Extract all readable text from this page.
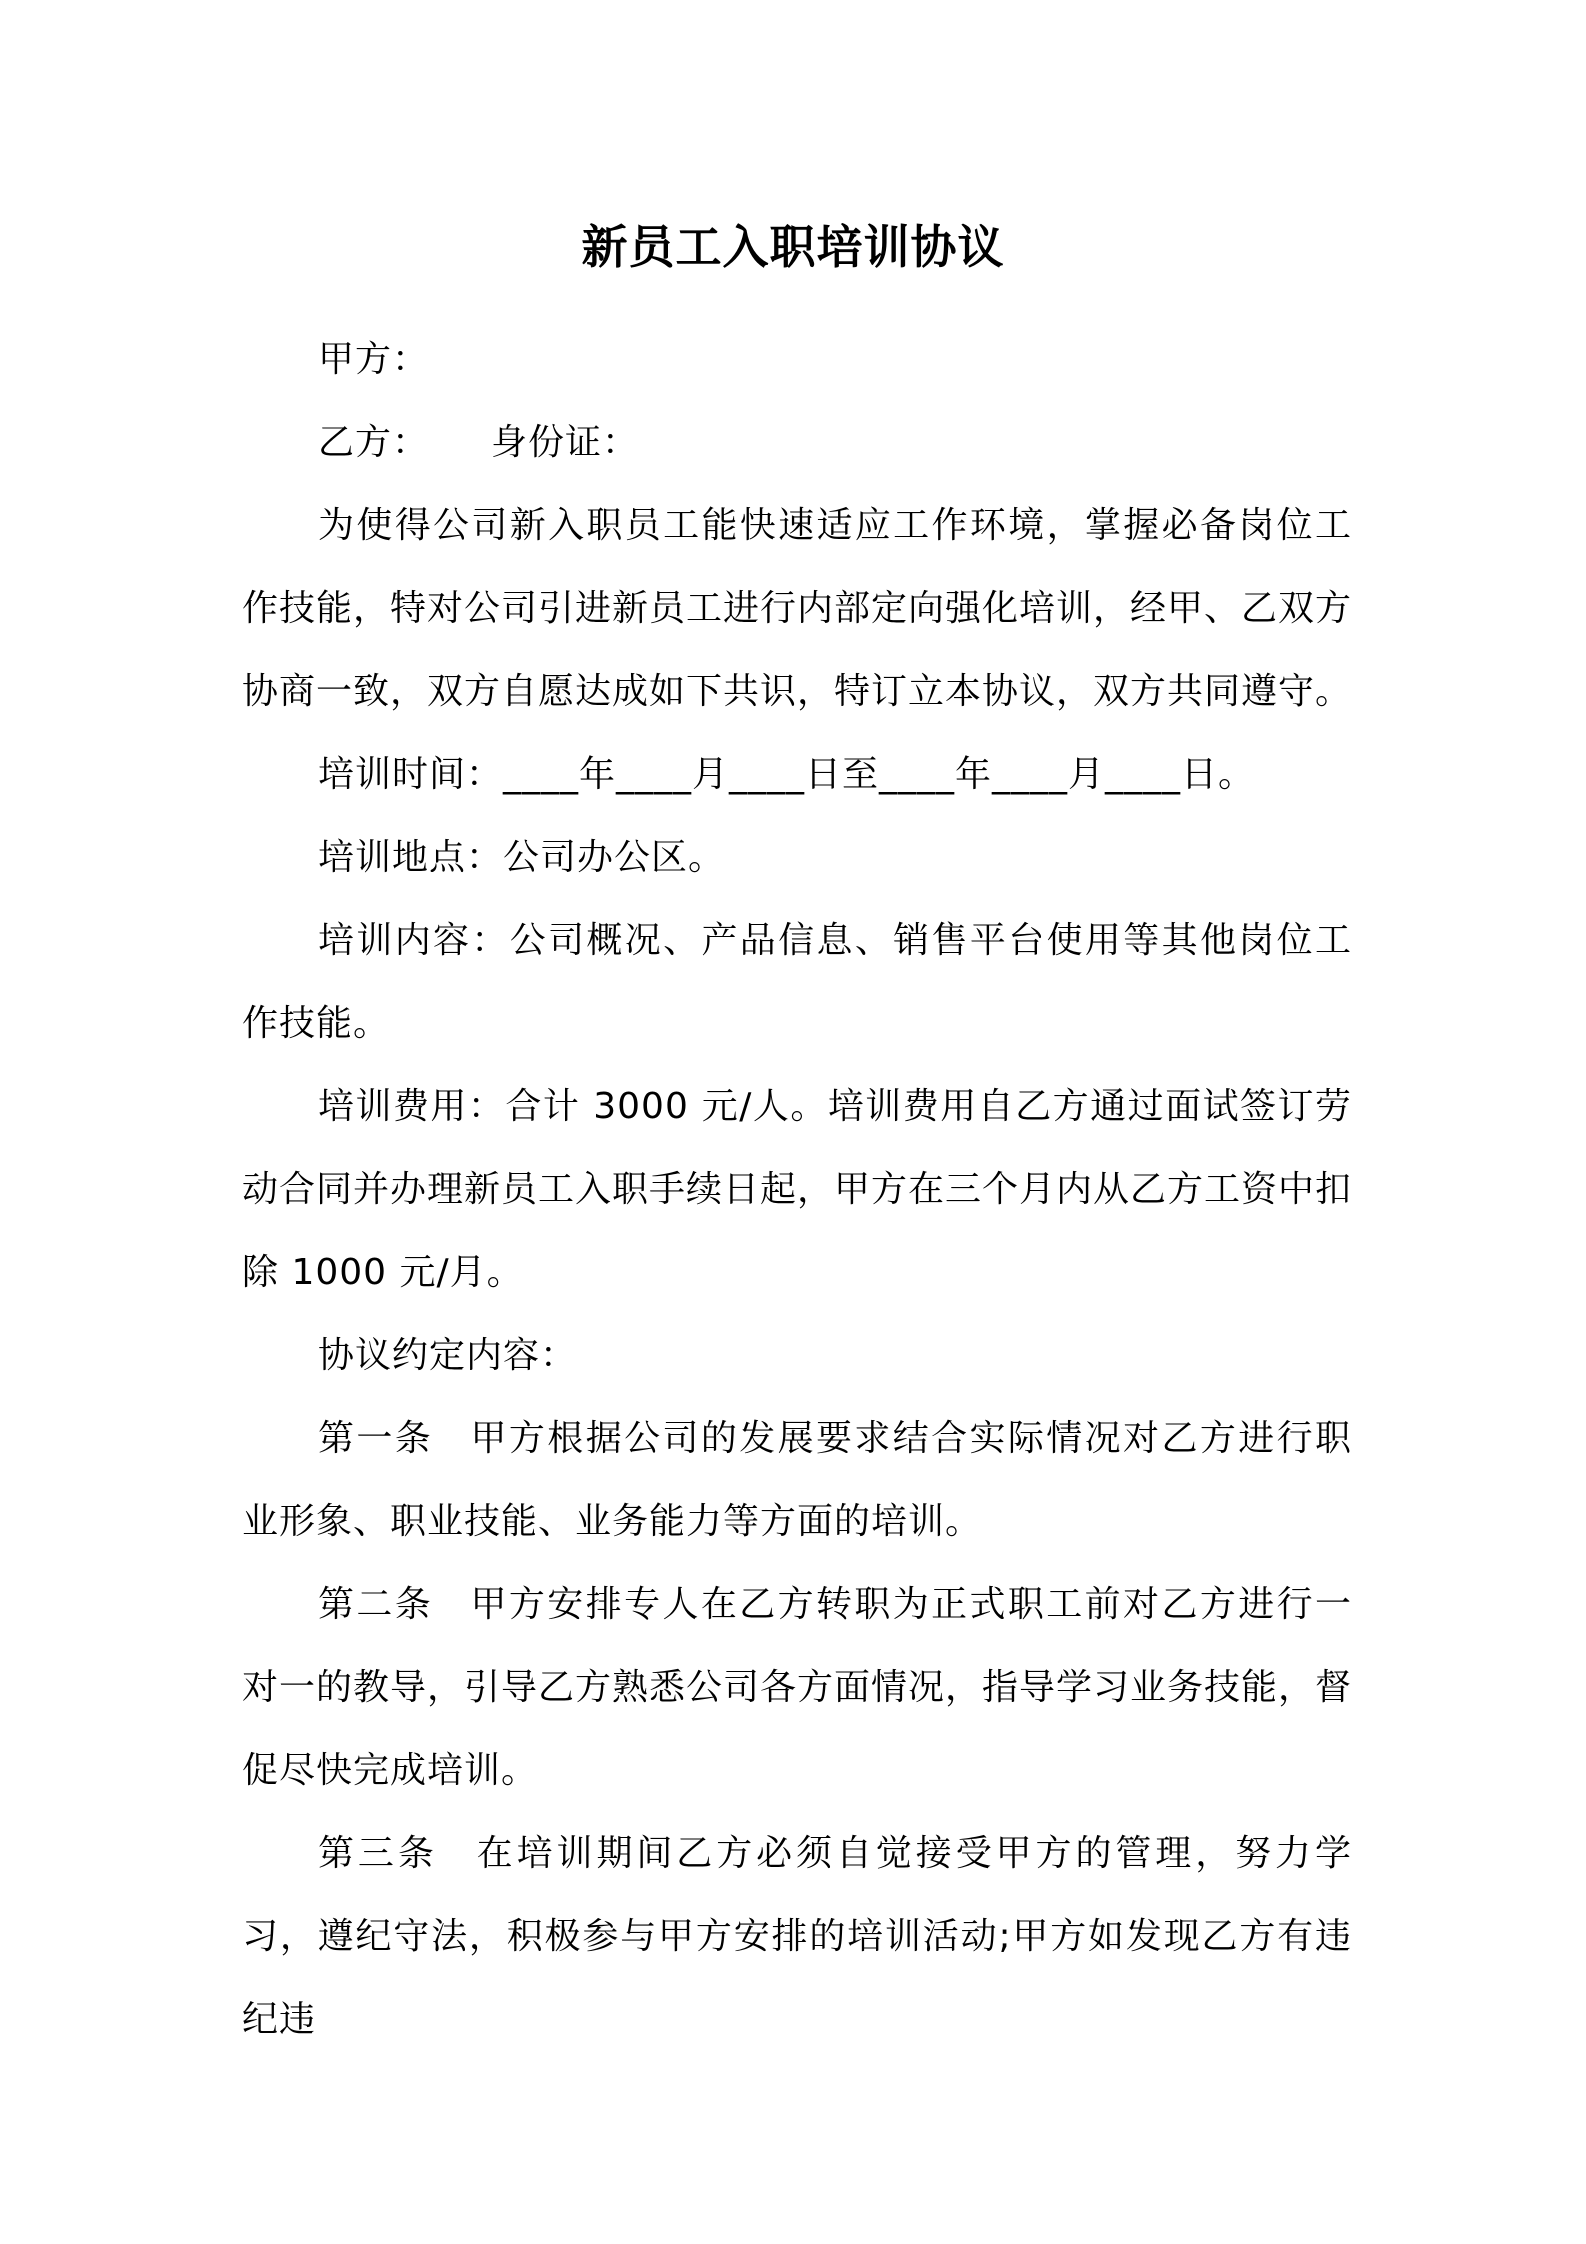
新员工入职培训协议

甲方：

乙方： 身份证：

为使得公司新入职员工能快速适应工作环境，掌握必备岗位工作技能，特对公司引进新员工进行内部定向强化培训，经甲、乙双方协商一致，双方自愿达成如下共识，特订立本协议，双方共同遵守。

培训时间：____年____月____日至____年____月____日。

培训地点：公司办公区。

培训内容：公司概况、产品信息、销售平台使用等其他岗位工作技能。

培训费用：合计 3000 元/人。培训费用自乙方通过面试签订劳动合同并办理新员工入职手续日起，甲方在三个月内从乙方工资中扣除 1000 元/月。

协议约定内容：

第一条 甲方根据公司的发展要求结合实际情况对乙方进行职业形象、职业技能、业务能力等方面的培训。

第二条 甲方安排专人在乙方转职为正式职工前对乙方进行一对一的教导，引导乙方熟悉公司各方面情况，指导学习业务技能，督促尽快完成培训。

第三条 在培训期间乙方必须自觉接受甲方的管理，努力学习，遵纪守法，积极参与甲方安排的培训活动;甲方如发现乙方有违纪违
